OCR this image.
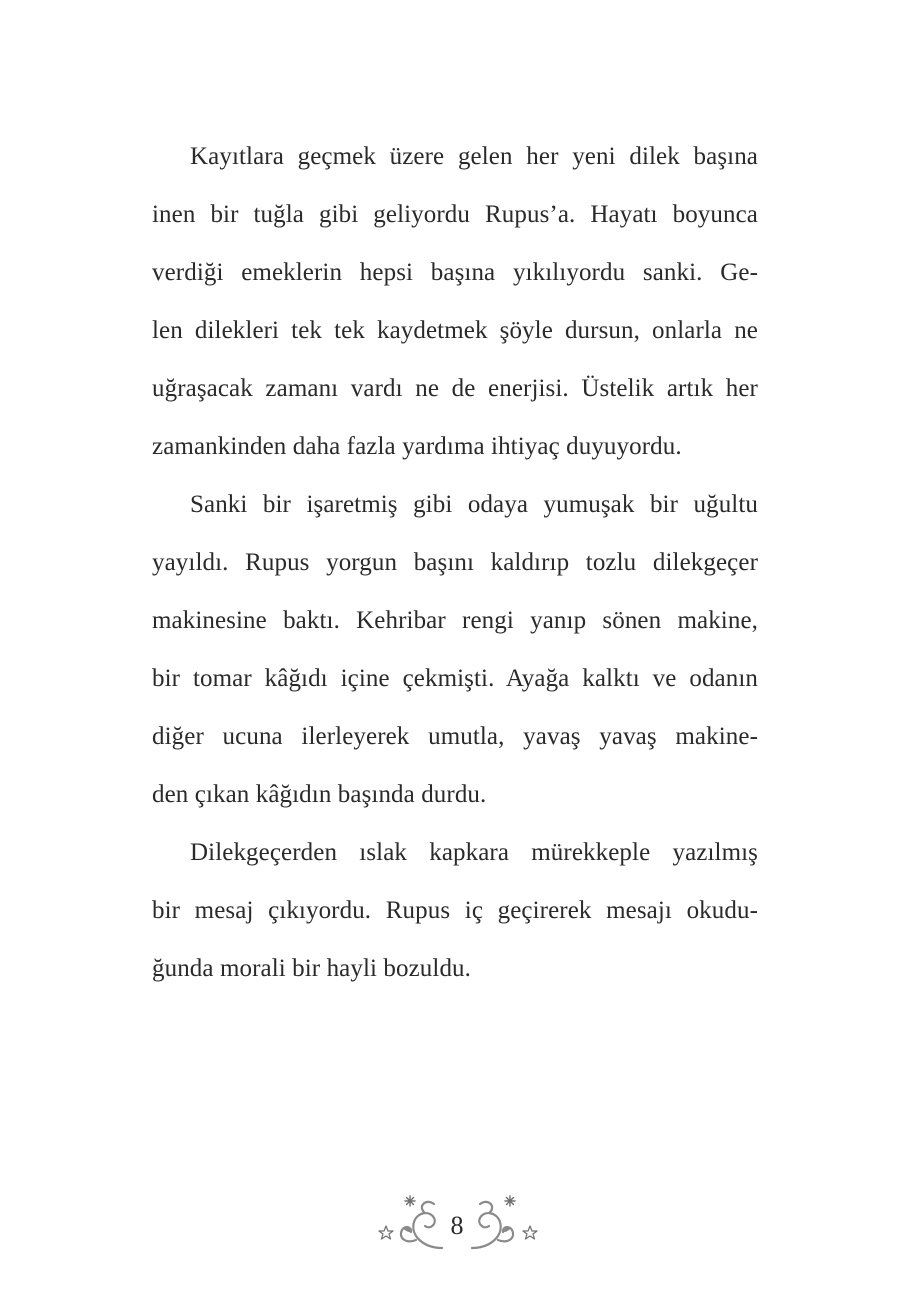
Kayıtlara geçmek üzere gelen her yeni dilek başına
inen bir tuğla gibi geliyordu Rupus’a. Hayatı boyunca
verdiği emeklerin hepsi başına yıkılıyordu sanki. Ge-
len dilekleri tek tek kaydetmek şöyle dursun, onlarla ne
uğraşacak zamanı vardı ne de enerjisi. Üstelik artık her
zamankinden daha fazla yardıma ihtiyaç duyuyordu.
Sanki bir işaretmiş gibi odaya yumuşak bir uğultu
yayıldı. Rupus yorgun başını kaldırıp tozlu dilekgeçer
makinesine baktı. Kehribar rengi yanıp sönen makine,
bir tomar kâğıdı içine çekmişti. Ayağa kalktı ve odanın
diğer ucuna ilerleyerek umutla, yavaş yavaş makine-
den çıkan kâğıdın başında durdu.
Dilekgeçerden ıslak kapkara mürekkeple yazılmış
bir mesaj çıkıyordu. Rupus iç geçirerek mesajı okudu-
ğunda morali bir hayli bozuldu.
8
